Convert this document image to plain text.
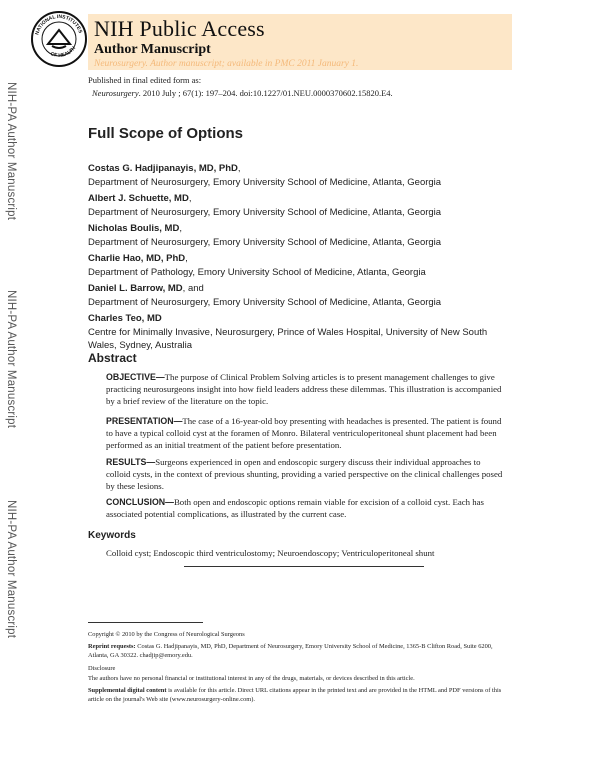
NATIONAL INSTITUTES
OF HEALTH
NIH Public Access
Author Manuscript
Neurosurgery. Author manuscript; available in PMC 2011 January 1.
NIH-PA Author Manuscript
NIH-PA Author Manuscript
NIH-PA Author Manuscript
Published in final edited form as:
Neurosurgery. 2010 July ; 67(1): 197–204. doi:10.1227/01.NEU.0000370602.15820.E4.
Full Scope of Options
Costas G. Hadjipanayis, MD, PhD,
Department of Neurosurgery, Emory University School of Medicine, Atlanta, Georgia
Albert J. Schuette, MD,
Department of Neurosurgery, Emory University School of Medicine, Atlanta, Georgia
Nicholas Boulis, MD,
Department of Neurosurgery, Emory University School of Medicine, Atlanta, Georgia
Charlie Hao, MD, PhD,
Department of Pathology, Emory University School of Medicine, Atlanta, Georgia
Daniel L. Barrow, MD, and
Department of Neurosurgery, Emory University School of Medicine, Atlanta, Georgia
Charles Teo, MD
Centre for Minimally Invasive, Neurosurgery, Prince of Wales Hospital, University of New South Wales, Sydney, Australia
Abstract
OBJECTIVE—The purpose of Clinical Problem Solving articles is to present management challenges to give practicing neurosurgeons insight into how field leaders address these dilemmas. This illustration is accompanied by a brief review of the literature on the topic.
PRESENTATION—The case of a 16-year-old boy presenting with headaches is presented. The patient is found to have a typical colloid cyst at the foramen of Monro. Bilateral ventriculoperitoneal shunt placement had been performed as an initial treatment of the patient before presentation.
RESULTS—Surgeons experienced in open and endoscopic surgery discuss their individual approaches to colloid cysts, in the context of previous shunting, providing a varied perspective on the clinical challenges posed by these lesions.
CONCLUSION—Both open and endoscopic options remain viable for excision of a colloid cyst. Each has associated potential complications, as illustrated by the current case.
Keywords
Colloid cyst; Endoscopic third ventriculostomy; Neuroendoscopy; Ventriculoperitoneal shunt
Copyright © 2010 by the Congress of Neurological Surgeons
Reprint requests: Costas G. Hadjipanayis, MD, PhD, Department of Neurosurgery, Emory University School of Medicine, 1365-B Clifton Road, Suite 6200, Atlanta, GA 30322. chadjip@emory.edu.
Disclosure
The authors have no personal financial or institutional interest in any of the drugs, materials, or devices described in this article.
Supplemental digital content is available for this article. Direct URL citations appear in the printed text and are provided in the HTML and PDF versions of this article on the journal's Web site (www.neurosurgery-online.com).
